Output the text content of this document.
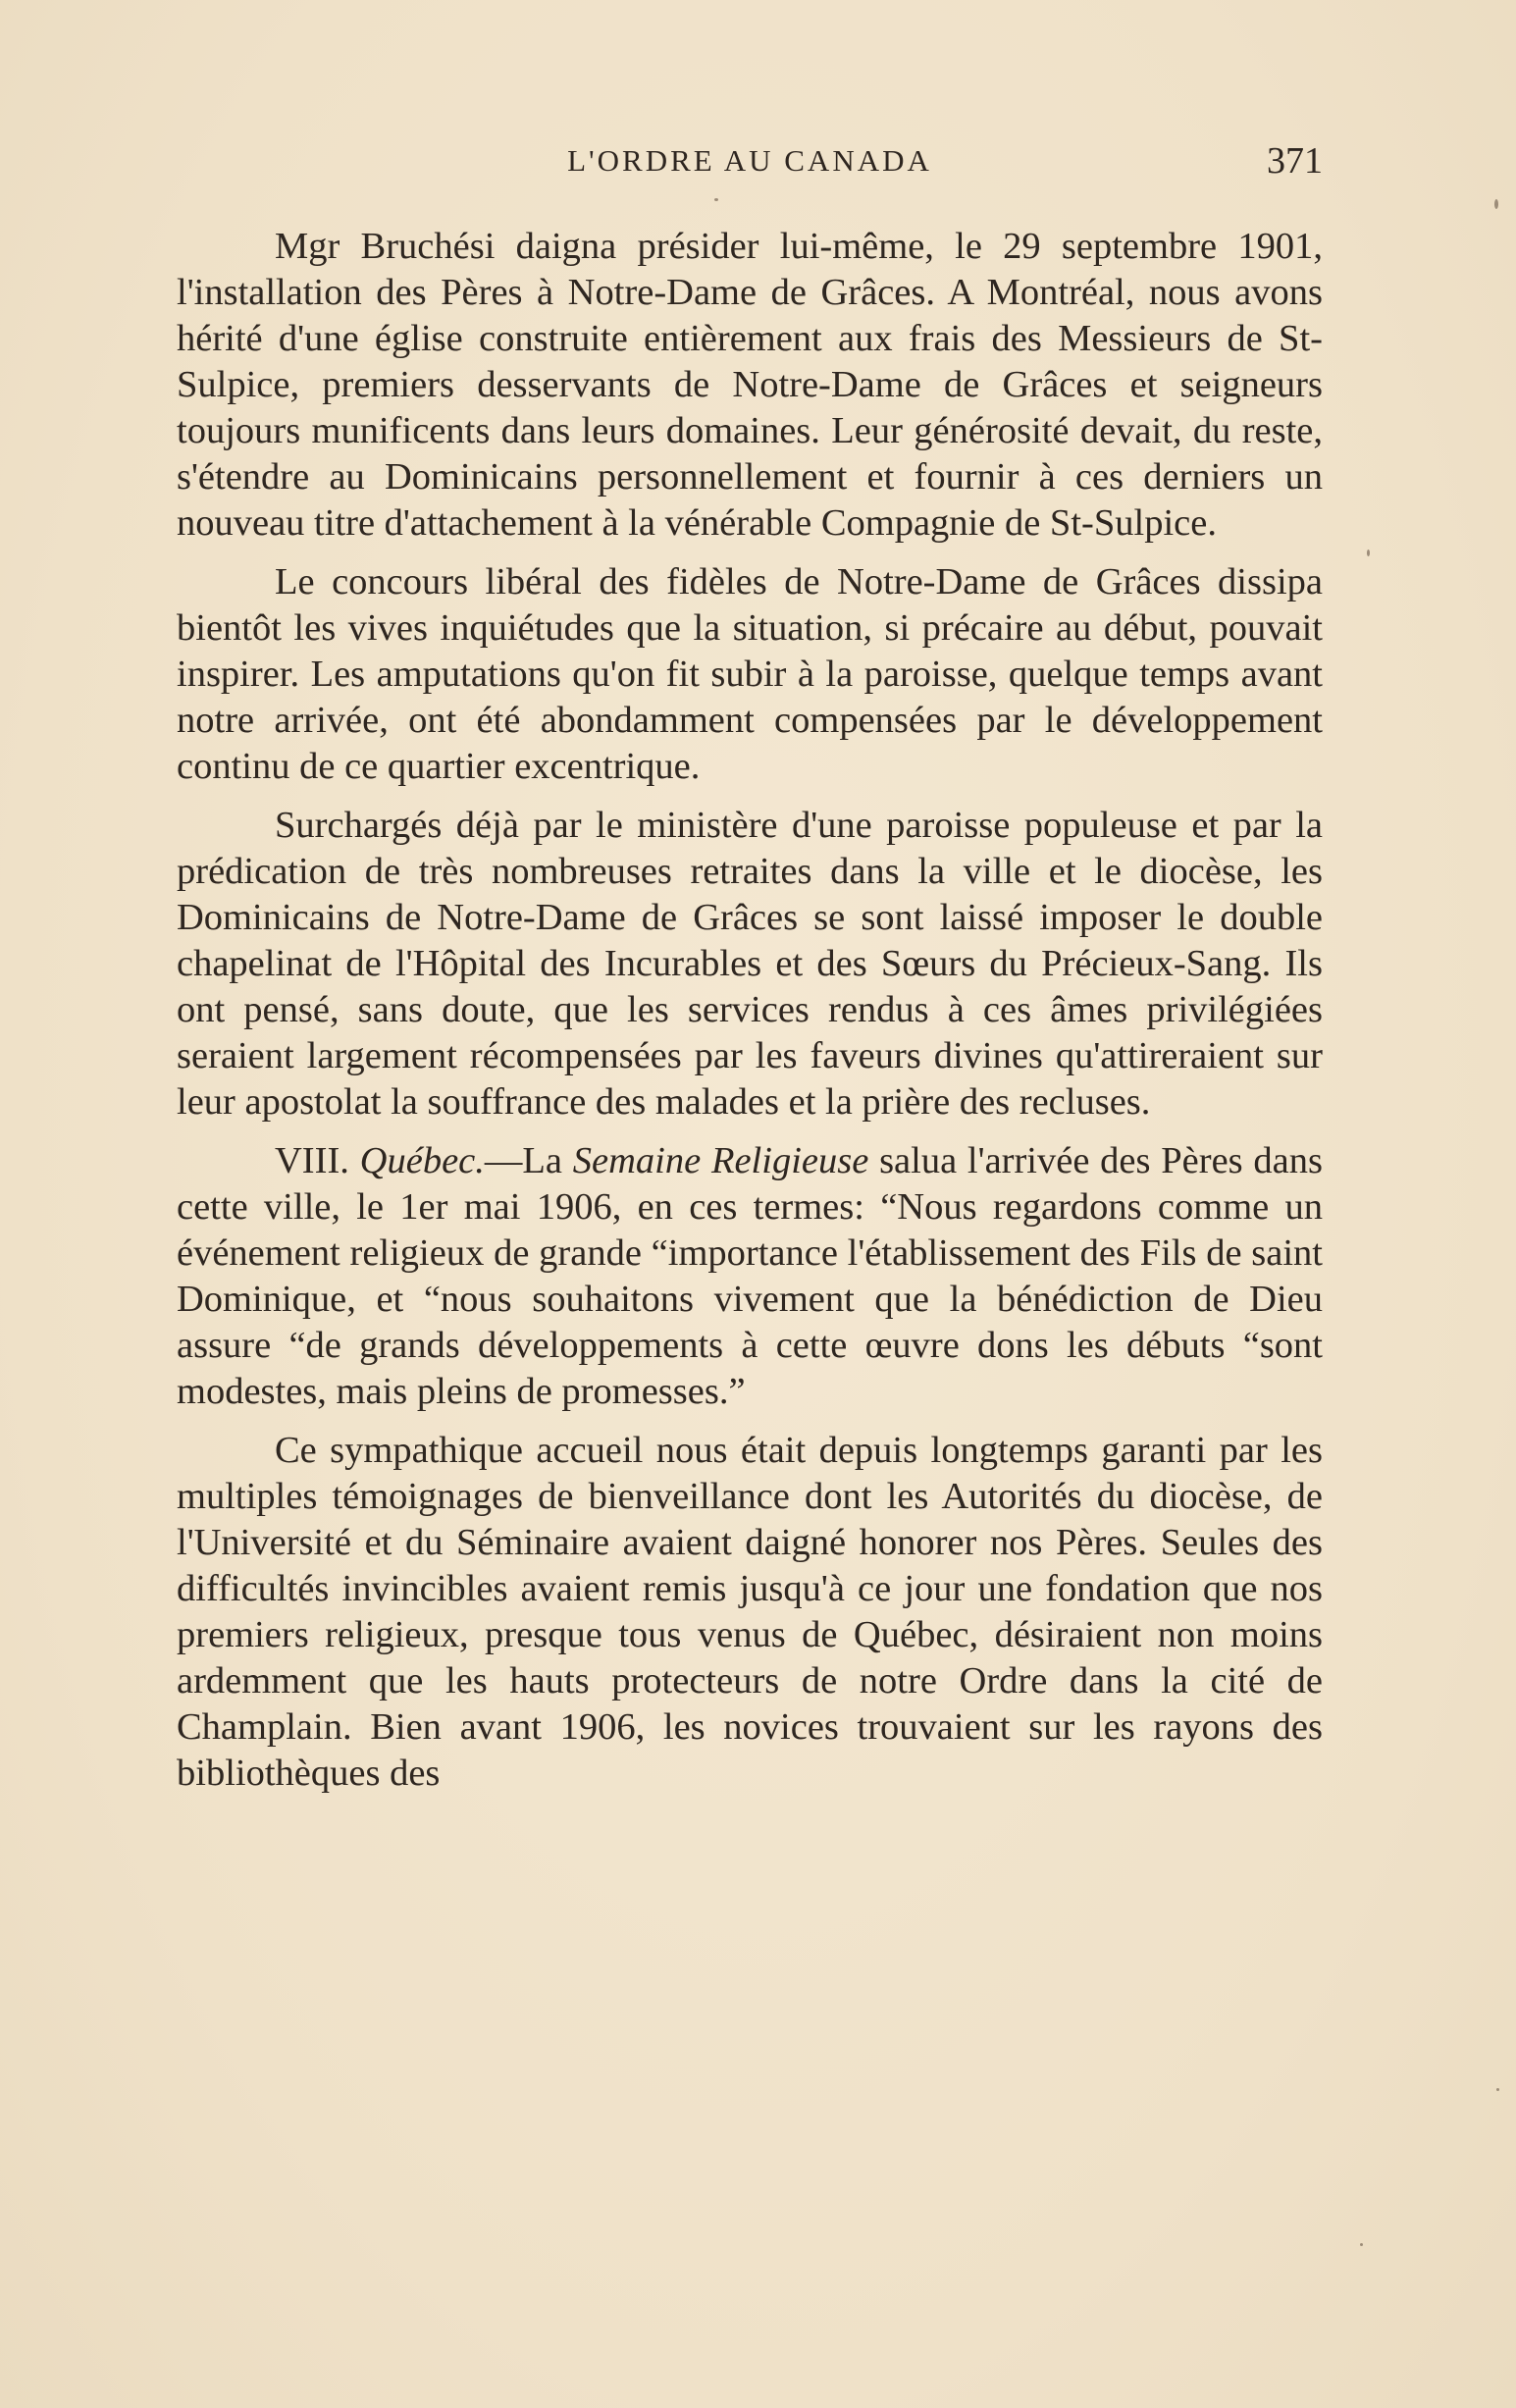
L'ORDRE AU CANADA	371

Mgr Bruchési daigna présider lui-même, le 29 septembre 1901, l'installation des Pères à Notre-Dame de Grâces. A Montréal, nous avons hérité d'une église construite entièrement aux frais des Messieurs de St-Sulpice, premiers desservants de Notre-Dame de Grâces et seigneurs toujours munificents dans leurs domaines. Leur générosité devait, du reste, s'étendre au Dominicains personnellement et fournir à ces derniers un nouveau titre d'attachement à la vénérable Compagnie de St-Sulpice.

Le concours libéral des fidèles de Notre-Dame de Grâces dissipa bientôt les vives inquiétudes que la situation, si précaire au début, pouvait inspirer. Les amputations qu'on fit subir à la paroisse, quelque temps avant notre arrivée, ont été abondamment compensées par le développement continu de ce quartier excentrique.

Surchargés déjà par le ministère d'une paroisse populeuse et par la prédication de très nombreuses retraites dans la ville et le diocèse, les Dominicains de Notre-Dame de Grâces se sont laissé imposer le double chapelinat de l'Hôpital des Incurables et des Sœurs du Précieux-Sang. Ils ont pensé, sans doute, que les services rendus à ces âmes privilégiées seraient largement récompensées par les faveurs divines qu'attireraient sur leur apostolat la souffrance des malades et la prière des recluses.

VIII. Québec.—La Semaine Religieuse salua l'arrivée des Pères dans cette ville, le 1er mai 1906, en ces termes: “Nous regardons comme un événement religieux de grande “importance l'établissement des Fils de saint Dominique, et “nous souhaitons vivement que la bénédiction de Dieu assure “de grands développements à cette œuvre dons les débuts “sont modestes, mais pleins de promesses.”

Ce sympathique accueil nous était depuis longtemps garanti par les multiples témoignages de bienveillance dont les Autorités du diocèse, de l'Université et du Séminaire avaient daigné honorer nos Pères. Seules des difficultés invincibles avaient remis jusqu'à ce jour une fondation que nos premiers religieux, presque tous venus de Québec, désiraient non moins ardemment que les hauts protecteurs de notre Ordre dans la cité de Champlain. Bien avant 1906, les novices trouvaient sur les rayons des bibliothèques des
